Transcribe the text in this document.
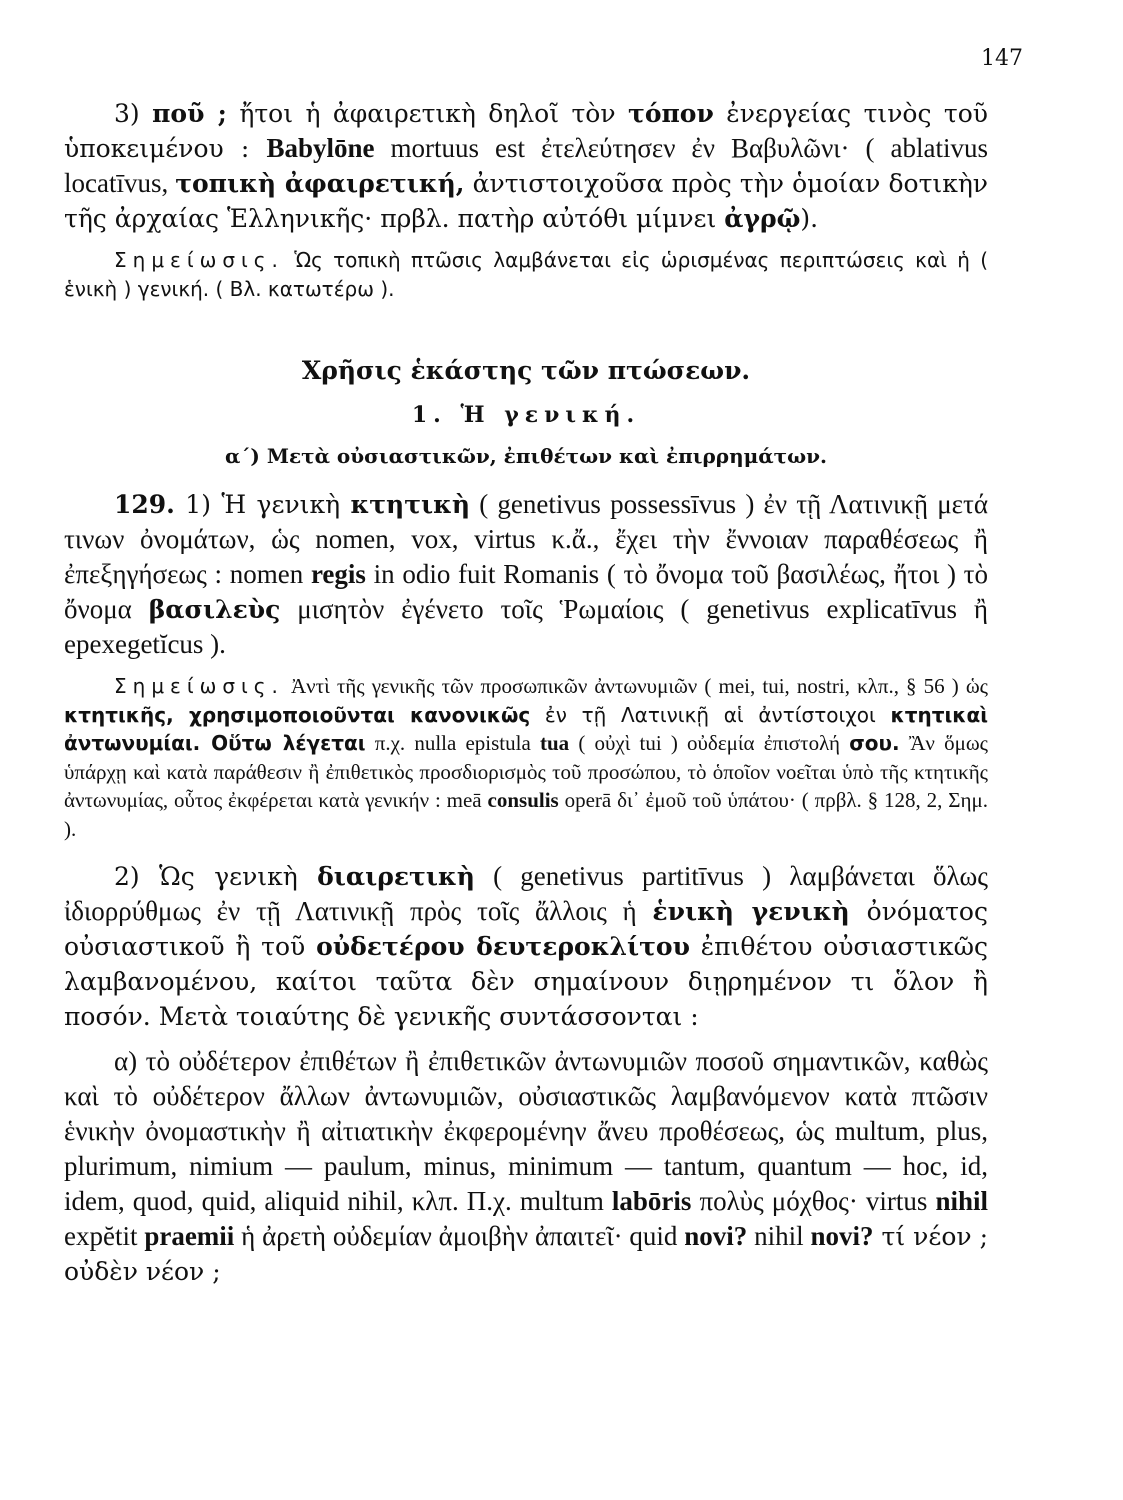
147

3) ποῦ ; ἤτοι ἡ ἀφαιρετικὴ δηλοῖ τὸν τόπον ἐνεργείας τινὸς τοῦ ὑποκειμένου : Babylōne mortuus est ἐτελεύτησεν ἐν Βαβυλῶνι· ( ablativus locatīvus, τοπικὴ ἀφαιρετική, ἀντιστοιχοῦσα πρὸς τὴν ὁμοίαν δοτικὴν τῆς ἀρχαίας Ἑλληνικῆς· πρβλ. πατὴρ αὐτόθι μίμνει ἀγρῷ).

Σημείωσις. Ὡς τοπικὴ πτῶσις λαμβάνεται εἰς ὡρισμένας περιπτώσεις καὶ ἡ ( ἑνικὴ ) γενική. ( Βλ. κατωτέρω ).

Χρῆσις ἑκάστης τῶν πτώσεων.

1. Ἡ γενική.

α΄) Μετὰ οὐσιαστικῶν, ἐπιθέτων καὶ ἐπιρρημάτων.

129. 1) Ἡ γενικὴ κτητικὴ ( genetivus possessīvus ) ἐν τῇ Λατινικῇ μετά τινων ὀνομάτων, ὡς nomen, vox, virtus κ.ἄ., ἔχει τὴν ἔννοιαν παραθέσεως ἢ ἐπεξηγήσεως : nomen regis in odio fuit Romanis ( τὸ ὄνομα τοῦ βασιλέως, ἤτοι ) τὸ ὄνομα βασιλεὺς μισητὸν ἐγένετο τοῖς Ῥωμαίοις ( genetivus explicatīvus ἢ epexegetĭcus ).

Σημείωσις. Ἀντὶ τῆς γενικῆς τῶν προσωπικῶν ἀντωνυμιῶν ( mei, tui, nostri, κλπ., § 56 ) ὡς κτητικῆς, χρησιμοποιοῦνται κανονικῶς ἐν τῇ Λατινικῇ αἱ ἀντίστοιχοι κτητικαὶ ἀντωνυμίαι. Οὕτω λέγεται π.χ. nulla epistula tua ( οὐχὶ tui ) οὐδεμία ἐπιστολή σου. Ἂν ὅμως ὑπάρχῃ καὶ κατὰ παράθεσιν ἢ ἐπιθετικὸς προσδιορισμὸς τοῦ προσώπου, τὸ ὁποῖον νοεῖται ὑπὸ τῆς κτητικῆς ἀντωνυμίας, οὗτος ἐκφέρεται κατὰ γενικήν : meā consulis operā δι᾽ ἐμοῦ τοῦ ὑπάτου· ( πρβλ. § 128, 2, Σημ. ).

2) Ὡς γενικὴ διαιρετικὴ ( genetivus partitīvus ) λαμβάνεται ὅλως ἰδιορρύθμως ἐν τῇ Λατινικῇ πρὸς τοῖς ἄλλοις ἡ ἑνικὴ γενικὴ ὀνόματος οὐσιαστικοῦ ἢ τοῦ οὐδετέρου δευτεροκλίτου ἐπιθέτου οὐσιαστικῶς λαμβανομένου, καίτοι ταῦτα δὲν σημαίνουν διῃρημένον τι ὅλον ἢ ποσόν. Μετὰ τοιαύτης δὲ γενικῆς συντάσσονται :

α) τὸ οὐδέτερον ἐπιθέτων ἢ ἐπιθετικῶν ἀντωνυμιῶν ποσοῦ σημαντικῶν, καθὼς καὶ τὸ οὐδέτερον ἄλλων ἀντωνυμιῶν, οὐσιαστικῶς λαμβανόμενον κατὰ πτῶσιν ἑνικὴν ὀνομαστικὴν ἢ αἰτιατικὴν ἐκφερομένην ἄνευ προθέσεως, ὡς multum, plus, plurimum, nimium — paulum, minus, minimum — tantum, quantum — hoc, id, idem, quod, quid, aliquid nihil, κλπ. Π.χ. multum labōris πολὺς μόχθος· virtus nihil expĕtit praemii ἡ ἀρετὴ οὐδεμίαν ἀμοιβὴν ἀπαιτεῖ· quid novi? nihil novi? τί νέον ; οὐδὲν νέον ;
